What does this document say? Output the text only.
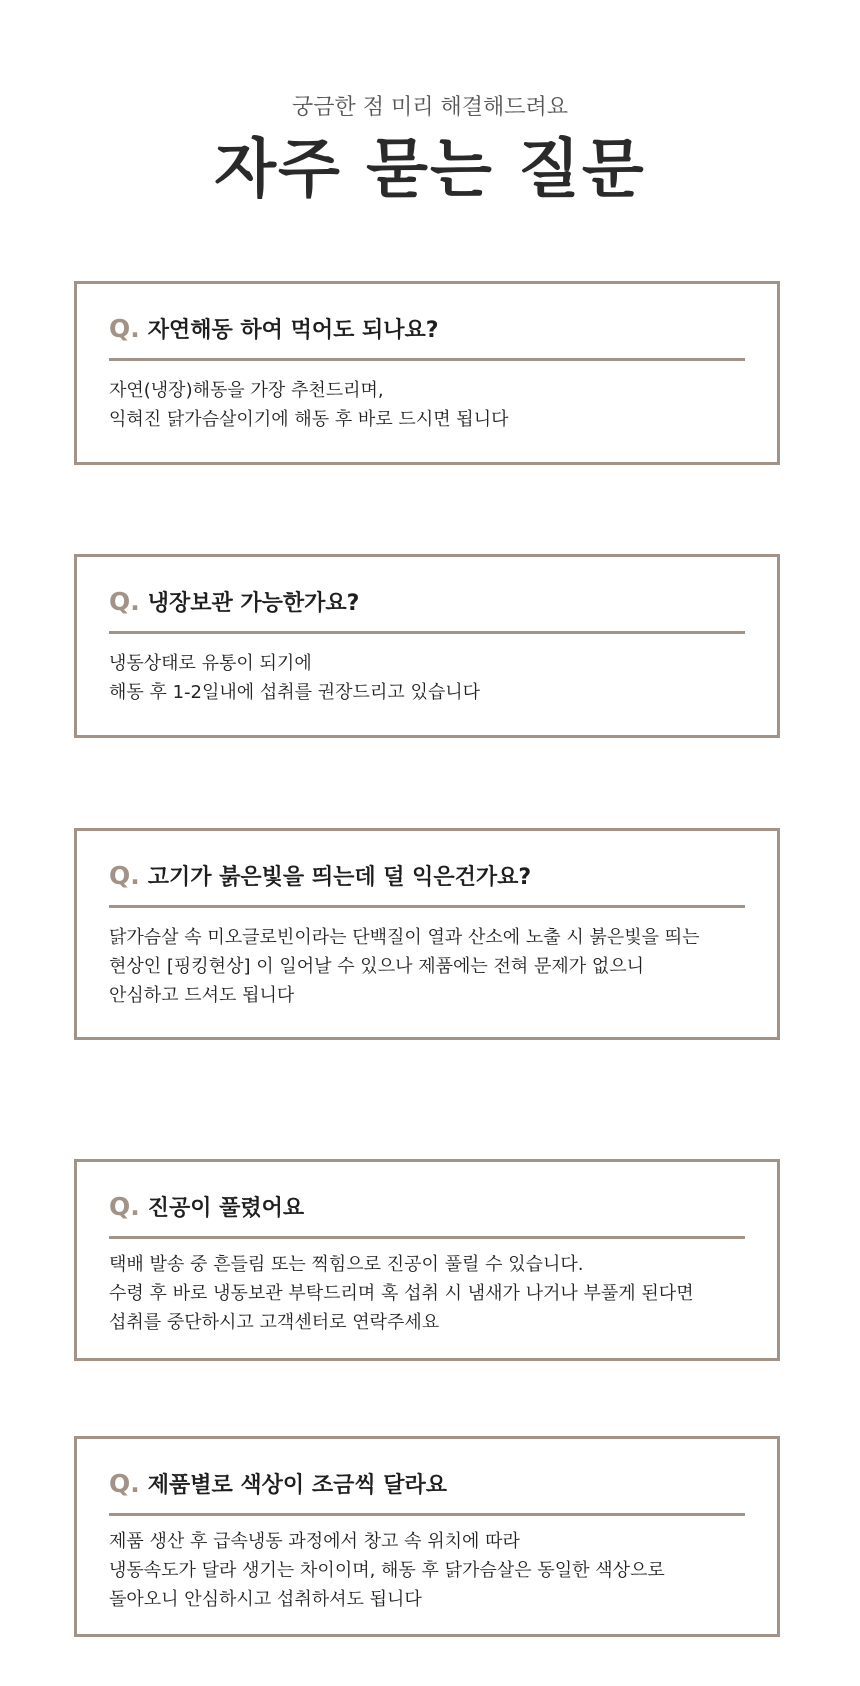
궁금한 점 미리 해결해드려요
자주 묻는 질문
Q. 자연해동 하여 먹어도 되나요?
자연(냉장)해동을 가장 추천드리며,
익혀진 닭가슴살이기에 해동 후 바로 드시면 됩니다
Q. 냉장보관 가능한가요?
냉동상태로 유통이 되기에
해동 후 1-2일내에 섭취를 권장드리고 있습니다
Q. 고기가 붉은빛을 띄는데 덜 익은건가요?
닭가슴살 속 미오글로빈이라는 단백질이 열과 산소에 노출 시 붉은빛을 띄는
현상인 [핑킹현상] 이 일어날 수 있으나 제품에는 전혀 문제가 없으니
안심하고 드셔도 됩니다
Q. 진공이 풀렸어요
택배 발송 중 흔들림 또는 찍힘으로 진공이 풀릴 수 있습니다.
수령 후 바로 냉동보관 부탁드리며 혹 섭취 시 냄새가 나거나 부풀게 된다면
섭취를 중단하시고 고객센터로 연락주세요
Q. 제품별로 색상이 조금씩 달라요
제품 생산 후 급속냉동 과정에서 창고 속 위치에 따라
냉동속도가 달라 생기는 차이이며, 해동 후 닭가슴살은 동일한 색상으로
돌아오니 안심하시고 섭취하셔도 됩니다
